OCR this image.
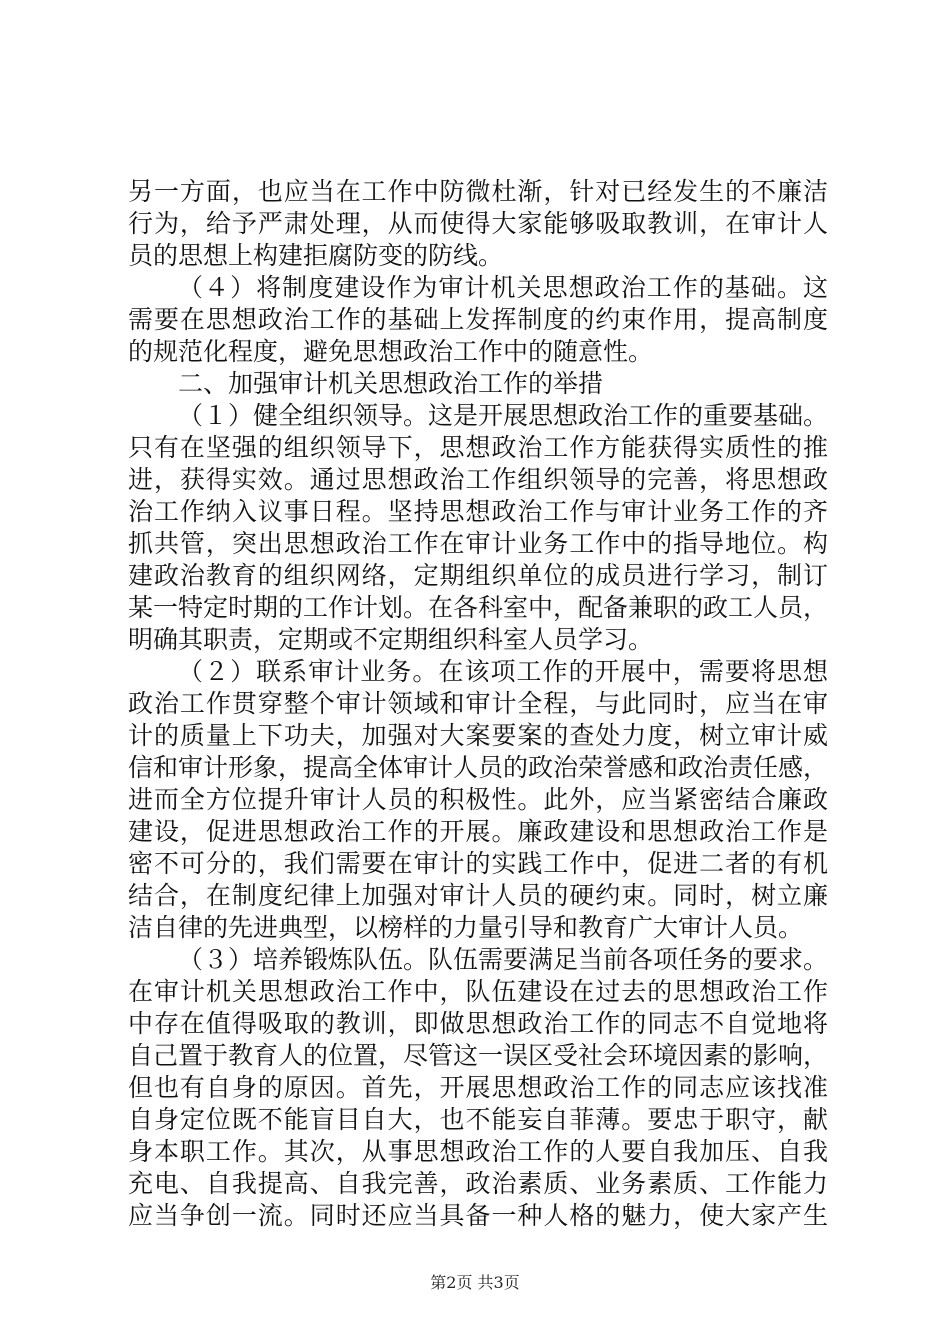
另一方面，也应当在工作中防微杜渐，针对已经发生的不廉洁
行为，给予严肃处理，从而使得大家能够吸取教训，在审计人
员的思想上构建拒腐防变的防线。
（４）将制度建设作为审计机关思想政治工作的基础。这
需要在思想政治工作的基础上发挥制度的约束作用，提高制度
的规范化程度，避免思想政治工作中的随意性。
二、加强审计机关思想政治工作的举措
（１）健全组织领导。这是开展思想政治工作的重要基础。
只有在坚强的组织领导下，思想政治工作方能获得实质性的推
进，获得实效。通过思想政治工作组织领导的完善，将思想政
治工作纳入议事日程。坚持思想政治工作与审计业务工作的齐
抓共管，突出思想政治工作在审计业务工作中的指导地位。构
建政治教育的组织网络，定期组织单位的成员进行学习，制订
某一特定时期的工作计划。在各科室中，配备兼职的政工人员，
明确其职责，定期或不定期组织科室人员学习。
（２）联系审计业务。在该项工作的开展中，需要将思想
政治工作贯穿整个审计领域和审计全程，与此同时，应当在审
计的质量上下功夫，加强对大案要案的查处力度，树立审计威
信和审计形象，提高全体审计人员的政治荣誉感和政治责任感，
进而全方位提升审计人员的积极性。此外，应当紧密结合廉政
建设，促进思想政治工作的开展。廉政建设和思想政治工作是
密不可分的，我们需要在审计的实践工作中，促进二者的有机
结合，在制度纪律上加强对审计人员的硬约束。同时，树立廉
洁自律的先进典型，以榜样的力量引导和教育广大审计人员。
（３）培养锻炼队伍。队伍需要满足当前各项任务的要求。
在审计机关思想政治工作中，队伍建设在过去的思想政治工作
中存在值得吸取的教训，即做思想政治工作的同志不自觉地将
自己置于教育人的位置，尽管这一误区受社会环境因素的影响，
但也有自身的原因。首先，开展思想政治工作的同志应该找准
自身定位既不能盲目自大，也不能妄自菲薄。要忠于职守，献
身本职工作。其次，从事思想政治工作的人要自我加压、自我
充电、自我提高、自我完善，政治素质、业务素质、工作能力
应当争创一流。同时还应当具备一种人格的魅力，使大家产生
第2页 共3页
